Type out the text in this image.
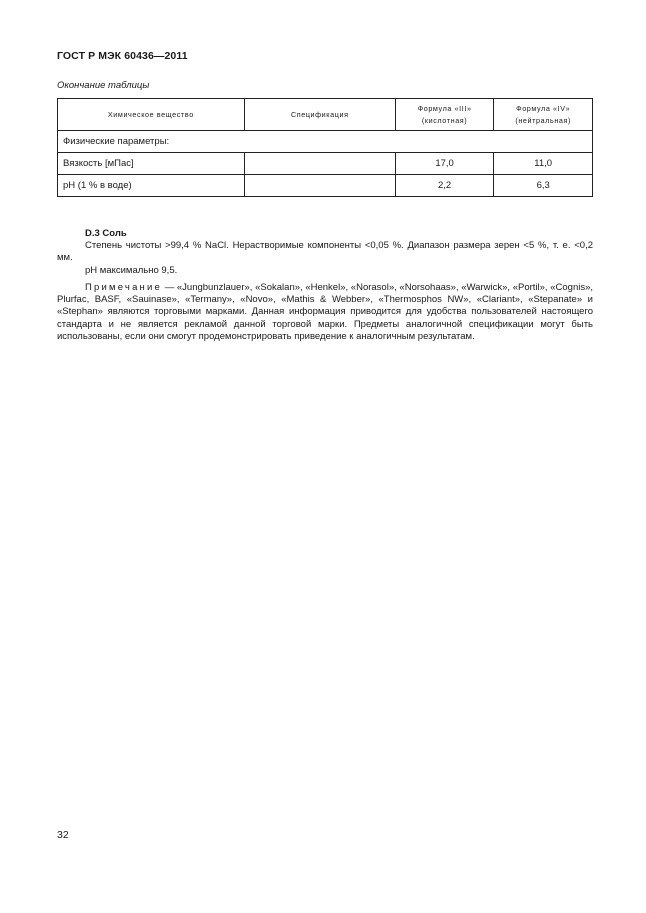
ГОСТ Р МЭК 60436—2011
Окончание таблицы
Химическое вещество	Спецификация	Формула «III» (кислотная)	Формула «IV» (нейтральная)
Физические параметры:			
Вязкость [мПас]		17,0	11,0
pH (1 % в воде)		2,2	6,3
D.3 Соль
Степень чистоты >99,4 % NaCl. Нерастворимые компоненты <0,05 %. Диапазон размера зерен <5 %, т. е. <0,2 мм.
pH максимально 9,5.
Примечание — «Jungbunzlauer», «Sokalan», «Henkel», «Norasol», «Norsohaas», «Warwick», «Portil», «Cognis», Plurfac, BASF, «Sauinase», «Termany», «Novo», «Mathis & Webber», «Thermosphos NW», «Clariant», «Stepanate» и «Stephan» являются торговыми марками. Данная информация приводится для удобства пользователей настоящего стандарта и не является рекламой данной торговой марки. Предметы аналогичной спецификации могут быть использованы, если они смогут продемонстрировать приведение к аналогичным результатам.
32
